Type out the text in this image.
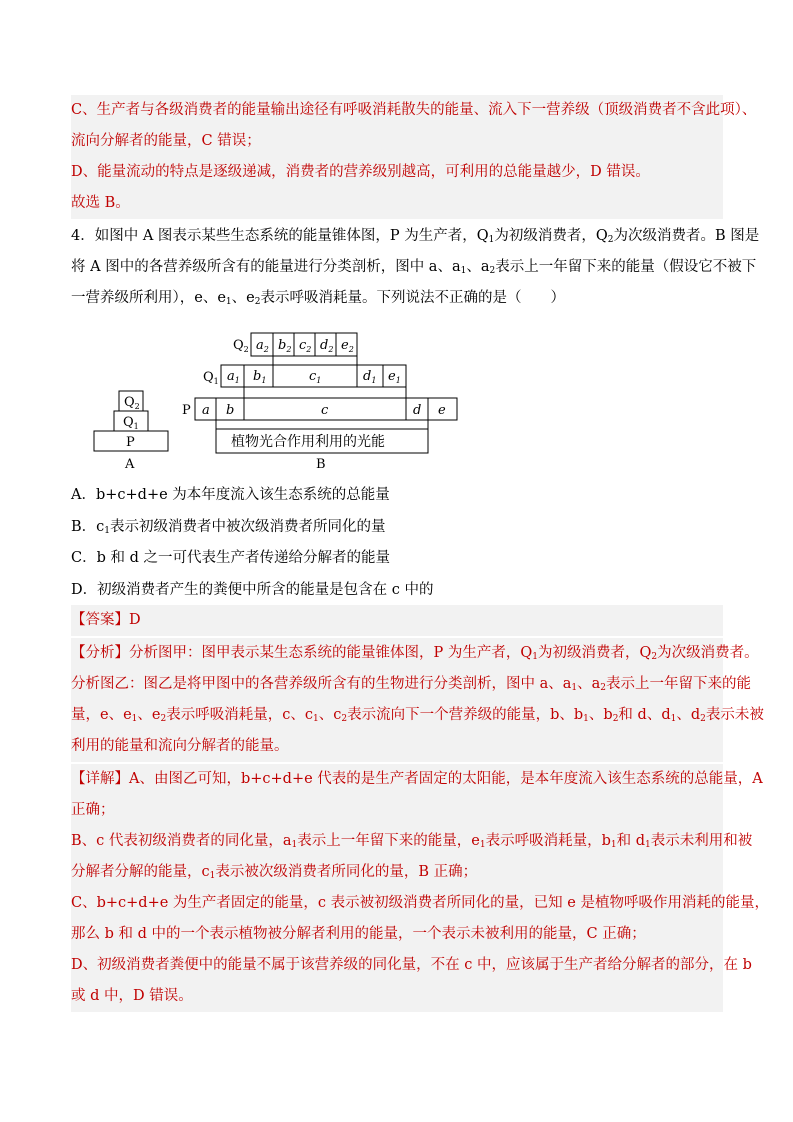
C、生产者与各级消费者的能量输出途径有呼吸消耗散失的能量、流入下一营养级（顶级消费者不含此项）、
流向分解者的能量，C 错误；
D、能量流动的特点是逐级递减，消费者的营养级别越高，可利用的总能量越少，D 错误。
故选 B。
4．如图中 A 图表示某些生态系统的能量锥体图，P 为生产者，$Q_1$为初级消费者，$Q_2$为次级消费者。B 图是
将 A 图中的各营养级所含有的能量进行分类剖析，图中 a、$a_1$、$a_2$表示上一年留下来的能量（假设它不被下
一营养级所利用），e、$e_1$、$e_2$表示呼吸消耗量。下列说法不正确的是（　　）
$Q_2$
$Q_1$
P
A
$Q_2$
$Q_1$
P
$a_2$ $b_2$ $c_2$ $d_2$ $e_2$
$a_1$ $b_1$	$c_1$	$d_1$ $e_1$
a b	c	d e
植物光合作用利用的光能
B
A．b+c+d+e 为本年度流入该生态系统的总能量
B．$c_1$表示初级消费者中被次级消费者所同化的量
C．b 和 d 之一可代表生产者传递给分解者的能量
D．初级消费者产生的粪便中所含的能量是包含在 c 中的
【答案】D
【分析】分析图甲：图甲表示某生态系统的能量锥体图，P 为生产者，$Q_1$为初级消费者，$Q_2$为次级消费者。
分析图乙：图乙是将甲图中的各营养级所含有的生物进行分类剖析，图中 a、$a_1$、$a_2$表示上一年留下来的能
量，e、$e_1$、$e_2$表示呼吸消耗量，c、$c_1$、$c_2$表示流向下一个营养级的能量，b、$b_1$、$b_2$和 d、$d_1$、$d_2$表示未被
利用的能量和流向分解者的能量。
【详解】A、由图乙可知，b+c+d+e 代表的是生产者固定的太阳能，是本年度流入该生态系统的总能量，A
正确；
B、c 代表初级消费者的同化量，$a_1$表示上一年留下来的能量，$e_1$表示呼吸消耗量，$b_1$和 $d_1$表示未利用和被
分解者分解的能量，$c_1$表示被次级消费者所同化的量，B 正确；
C、b+c+d+e 为生产者固定的能量，c 表示被初级消费者所同化的量，已知 e 是植物呼吸作用消耗的能量，
那么 b 和 d 中的一个表示植物被分解者利用的能量，一个表示未被利用的能量，C 正确；
D、初级消费者粪便中的能量不属于该营养级的同化量，不在 c 中，应该属于生产者给分解者的部分，在 b
或 d 中，D 错误。
